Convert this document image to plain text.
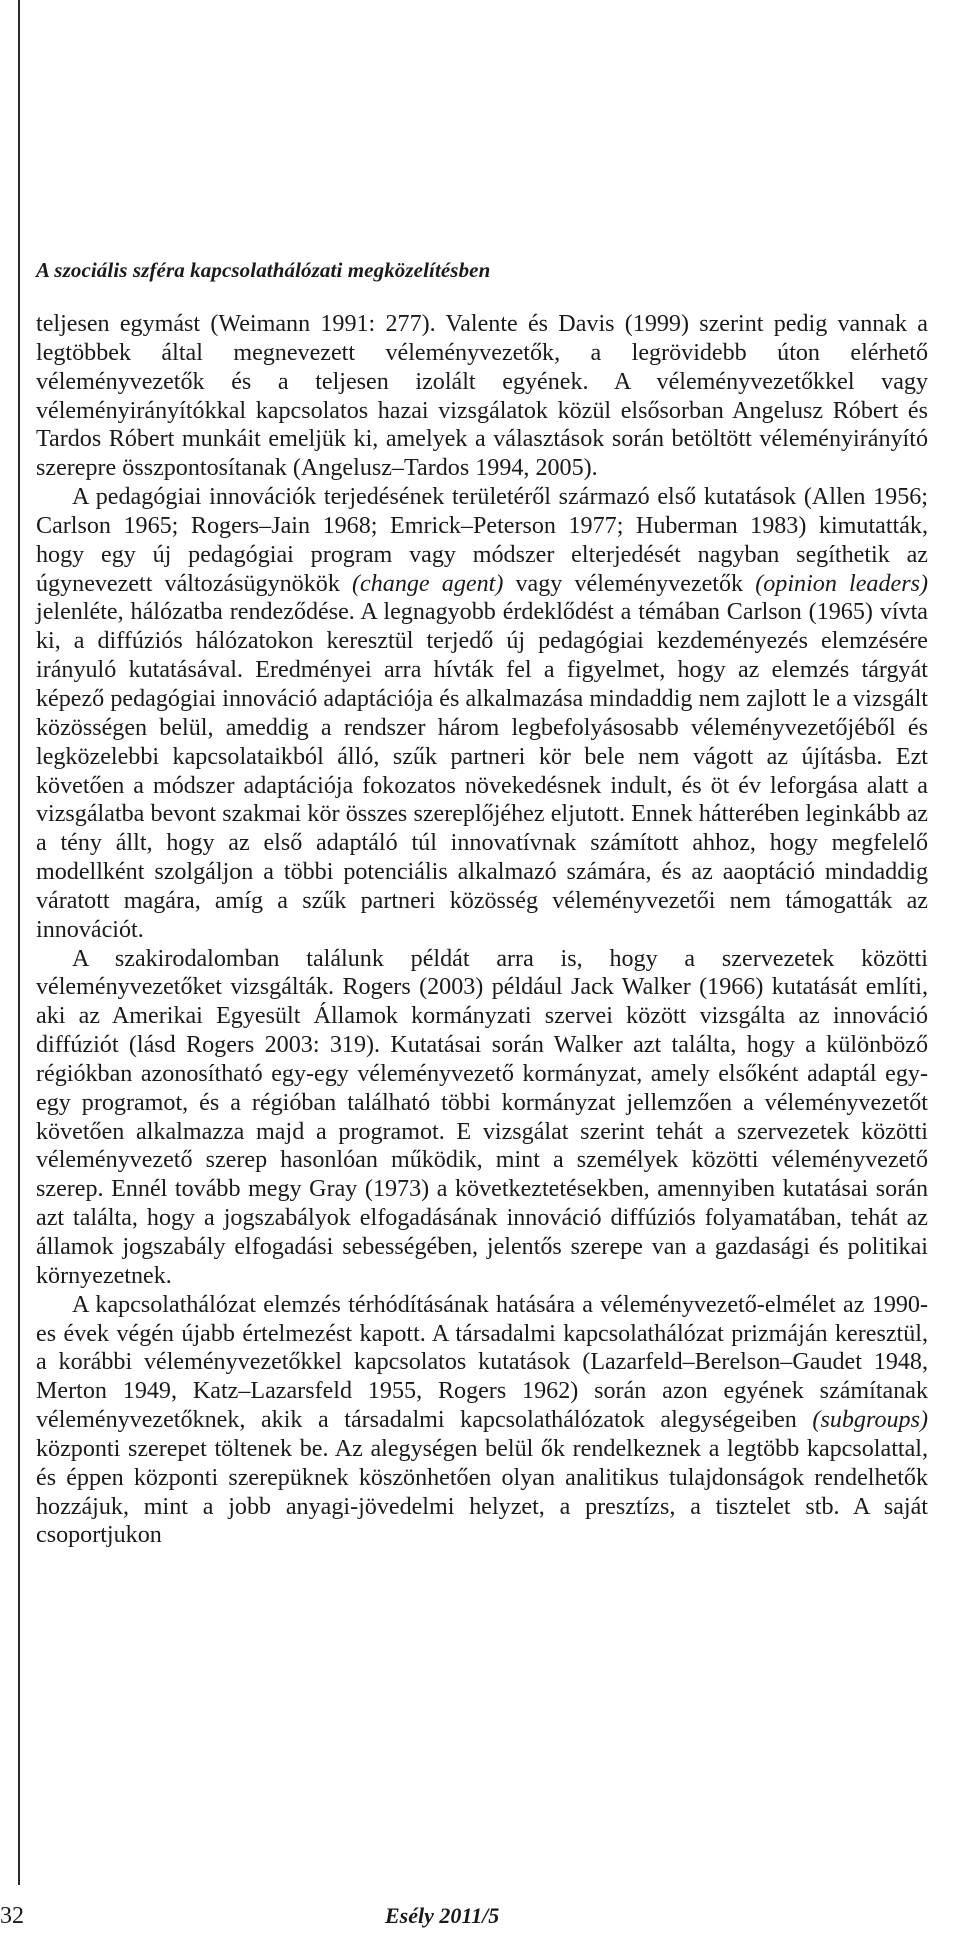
A szociális szféra kapcsolathálózati megközelítésben

teljesen egymást (Weimann 1991: 277). Valente és Davis (1999) szerint pedig vannak a legtöbbek által megnevezett véleményvezetők, a legrövidebb úton elérhető véleményvezetők és a teljesen izolált egyének. A véleményvezetőkkel vagy véleményirányítókkal kapcsolatos hazai vizsgálatok közül elsősorban Angelusz Róbert és Tardos Róbert munkáit emeljük ki, amelyek a választások során betöltött véleményirányító szerepre összpontosítanak (Angelusz–Tardos 1994, 2005).

A pedagógiai innovációk terjedésének területéről származó első kutatások (Allen 1956; Carlson 1965; Rogers–Jain 1968; Emrick–Peterson 1977; Huberman 1983) kimutatták, hogy egy új pedagógiai program vagy módszer elterjedését nagyban segíthetik az úgynevezett változásügynökök (change agent) vagy véleményvezetők (opinion leaders) jelenléte, hálózatba rendeződése. A legnagyobb érdeklődést a témában Carlson (1965) vívta ki, a diffúziós hálózatokon keresztül terjedő új pedagógiai kezdeményezés elemzésére irányuló kutatásával. Eredményei arra hívták fel a figyelmet, hogy az elemzés tárgyát képező pedagógiai innováció adaptációja és alkalmazása mindaddig nem zajlott le a vizsgált közösségen belül, ameddig a rendszer három legbefolyásosabb véleményvezetőjéből és legközelebbi kapcsolataikból álló, szűk partneri kör bele nem vágott az újításba. Ezt követően a módszer adaptációja fokozatos növekedésnek indult, és öt év leforgása alatt a vizsgálatba bevont szakmai kör összes szereplőjéhez eljutott. Ennek hátterében leginkább az a tény állt, hogy az első adaptáló túl innovatívnak számított ahhoz, hogy megfelelő modellként szolgáljon a többi potenciális alkalmazó számára, és az aaoptáció mindaddig váratott magára, amíg a szűk partneri közösség véleményvezetői nem támogatták az innovációt.

A szakirodalomban találunk példát arra is, hogy a szervezetek közötti véleményvezetőket vizsgálták. Rogers (2003) például Jack Walker (1966) kutatását említi, aki az Amerikai Egyesült Államok kormányzati szervei között vizsgálta az innováció diffúziót (lásd Rogers 2003: 319). Kutatásai során Walker azt találta, hogy a különböző régiókban azonosítható egy-egy véleményvezető kormányzat, amely elsőként adaptál egy-egy programot, és a régióban található többi kormányzat jellemzően a véleményvezetőt követően alkalmazza majd a programot. E vizsgálat szerint tehát a szervezetek közötti véleményvezető szerep hasonlóan működik, mint a személyek közötti véleményvezető szerep. Ennél tovább megy Gray (1973) a következtetésekben, amennyiben kutatásai során azt találta, hogy a jogszabályok elfogadásának innováció diffúziós folyamatában, tehát az államok jogszabály elfogadási sebességében, jelentős szerepe van a gazdasági és politikai környezetnek.

A kapcsolathálózat elemzés térhódításának hatására a véleményvezető-elmélet az 1990-es évek végén újabb értelmezést kapott. A társadalmi kapcsolathálózat prizmáján keresztül, a korábbi véleményvezetőkkel kapcsolatos kutatások (Lazarfeld–Berelson–Gaudet 1948, Merton 1949, Katz–Lazarsfeld 1955, Rogers 1962) során azon egyének számítanak véleményvezetőknek, akik a társadalmi kapcsolathálózatok alegységeiben (subgroups) központi szerepet töltenek be. Az alegységen belül ők rendelkeznek a legtöbb kapcsolattal, és éppen központi szerepüknek köszönhetően olyan analitikus tulajdonságok rendelhetők hozzájuk, mint a jobb anyagi-jövedelmi helyzet, a presztízs, a tisztelet stb. A saját csoportjukon

32	Esély 2011/5
